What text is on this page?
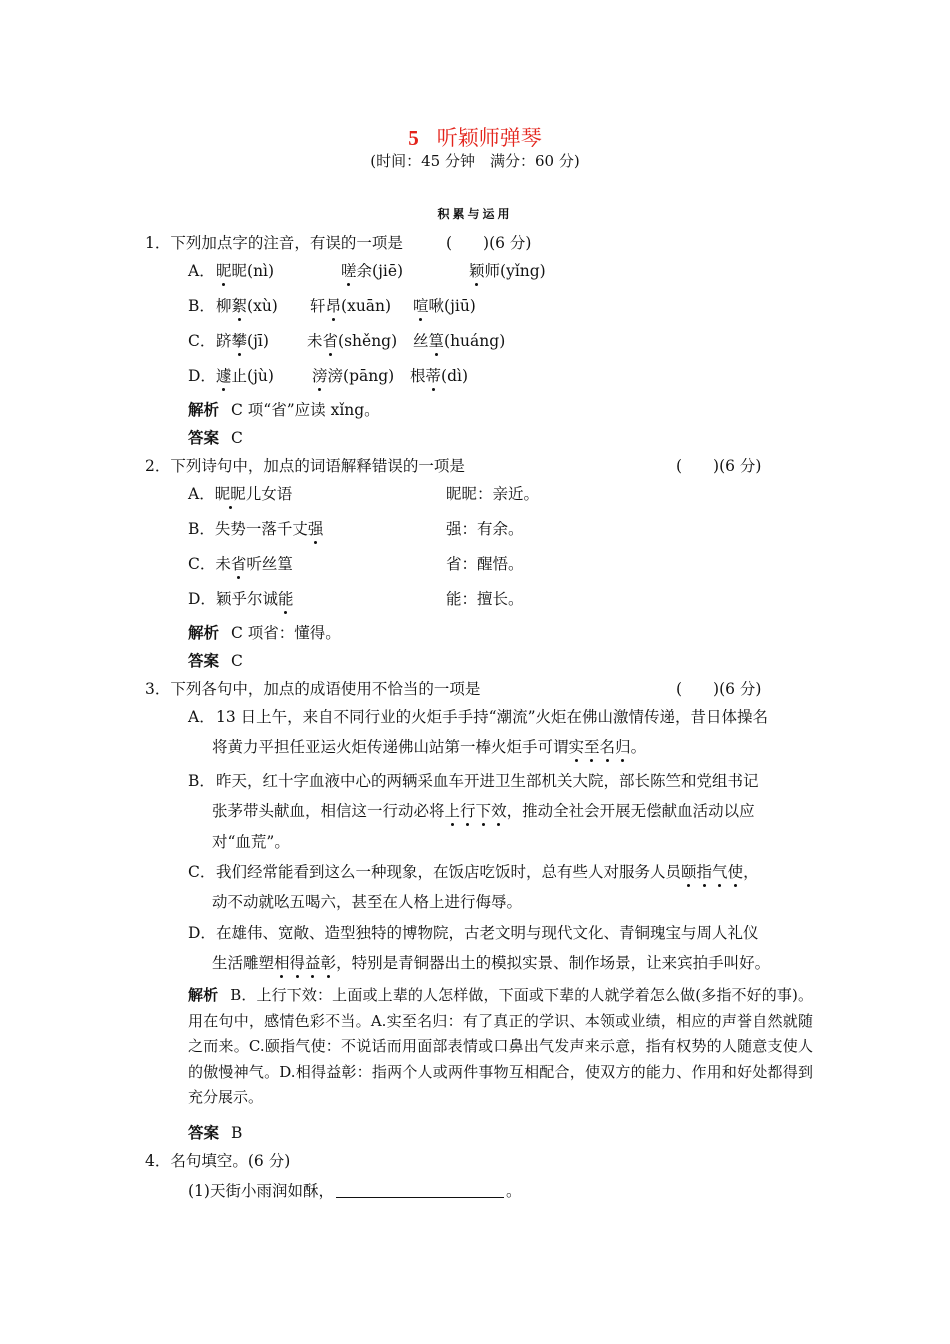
5 听颖师弹琴
(时间：45 分钟　满分：60 分)
积累与运用
1．下列加点字的注音，有误的一项是	(　　)(6 分)
A． 昵昵(nì)	嗟余(jiē)	颖师(yǐng)
B． 柳絮(xù) 轩昂(xuān) 喧啾(jiū)
C． 跻攀(jī) 未省(shěng) 丝篁(huáng)
D． 遽止(jù) 滂滂(pāng) 根蒂(dì)
解析 C 项“省”应读 xǐng。
答案 C
2．下列诗句中，加点的词语解释错误的一项是	(　　)(6 分)
A．昵昵儿女语	昵昵：亲近。
B．失势一落千丈强	强：有余。
C．未省听丝篁	省：醒悟。
D．颖乎尔诚能	能：擅长。
解析 C 项省：懂得。
答案 C
3．下列各句中，加点的成语使用不恰当的一项是	(　　)(6 分)
A． 13 日上午，来自不同行业的火炬手手持“潮流”火炬在佛山激情传递，昔日体操名
将黄力平担任亚运火炬传递佛山站第一棒火炬手可谓实至名归。
B． 昨天，红十字血液中心的两辆采血车开进卫生部机关大院，部长陈竺和党组书记
张茅带头献血，相信这一行动必将上行下效，推动全社会开展无偿献血活动以应
对“血荒”。
C． 我们经常能看到这么一种现象，在饭店吃饭时，总有些人对服务人员颐指气使，
动不动就吆五喝六，甚至在人格上进行侮辱。
D． 在雄伟、宽敞、造型独特的博物院，古老文明与现代文化、青铜瑰宝与周人礼仪
生活雕塑相得益彰，特别是青铜器出土的模拟实景、制作场景，让来宾拍手叫好。
解析 B．上行下效：上面或上辈的人怎样做，下面或下辈的人就学着怎么做(多指不好的事)。用在句中，感情色彩不当。A.实至名归：有了真正的学识、本领或业绩，相应的声誉自然就随之而来。C.颐指气使：不说话而用面部表情或口鼻出气发声来示意，指有权势的人随意支使人的傲慢神气。D.相得益彰：指两个人或两件事物互相配合，使双方的能力、作用和好处都得到充分展示。
答案 B
4．名句填空。(6 分)
(1)天街小雨润如酥，	。
